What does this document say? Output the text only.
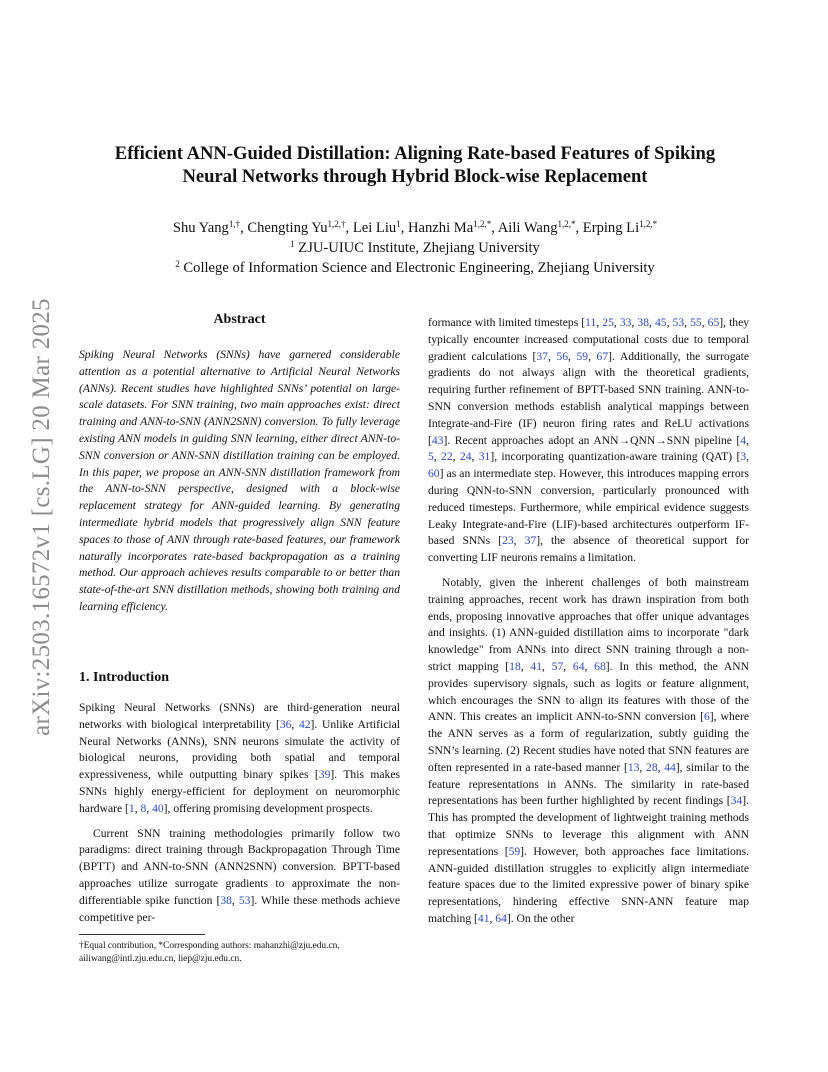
arXiv:2503.16572v1 [cs.LG] 20 Mar 2025
Efficient ANN-Guided Distillation: Aligning Rate-based Features of Spiking
Neural Networks through Hybrid Block-wise Replacement
Shu Yang$^{1,\dagger}$, Chengting $Yu^{1,2,\dagger}$, Lei Liu$^1$, Hanzhi $Ma^{1,2,*}$, Aili Wang$^{1,2,*}$, Erping $Li^{1,2,*}$
$^1$ ZJU-UIUC Institute, Zhejiang University
$^2$ College of Information Science and Electronic Engineering, Zhejiang University
Abstract
Spiking Neural Networks (SNNs) have garnered considerable attention as a potential alternative to Artificial Neural Networks (ANNs). Recent studies have highlighted SNNs’ potential on large-scale datasets. For SNN training, two main approaches exist: direct training and ANN-to-SNN (ANN2SNN) conversion. To fully leverage existing ANN models in guiding SNN learning, either direct ANN-to-SNN conversion or ANN-SNN distillation training can be employed. In this paper, we propose an ANN-SNN distillation framework from the ANN-to-SNN perspective, designed with a block-wise replacement strategy for ANN-guided learning. By generating intermediate hybrid models that progressively align SNN feature spaces to those of ANN through rate-based features, our framework naturally incorporates rate-based backpropagation as a training method. Our approach achieves results comparable to or better than state-of-the-art SNN distillation methods, showing both training and learning efficiency.
1. Introduction

Spiking Neural Networks (SNNs) are third-generation neural networks with biological interpretability [36, 42]. Unlike Artificial Neural Networks (ANNs), SNN neurons simulate the activity of biological neurons, providing both spatial and temporal expressiveness, while outputting binary spikes [39]. This makes SNNs highly energy-efficient for deployment on neuromorphic hardware [1, 8, 40], offering promising development prospects.

Current SNN training methodologies primarily follow two paradigms: direct training through Backpropagation Through Time (BPTT) and ANN-to-SNN (ANN2SNN) conversion. BPTT-based approaches utilize surrogate gradients to approximate the non-differentiable spike function [38, 53]. While these methods achieve competitive per-

formance with limited timesteps [11, 25, 33, 38, 45, 53, 55, 65], they typically encounter increased computational costs due to temporal gradient calculations [37, 56, 59, 67]. Additionally, the surrogate gradients do not always align with the theoretical gradients, requiring further refinement of BPTT-based SNN training. ANN-to-SNN conversion methods establish analytical mappings between Integrate-and-Fire (IF) neuron firing rates and ReLU activations [43]. Recent approaches adopt an ANN→QNN→SNN pipeline [4, 5, 22, 24, 31], incorporating quantization-aware training (QAT) [3, 60] as an intermediate step. However, this introduces mapping errors during QNN-to-SNN conversion, particularly pronounced with reduced timesteps. Furthermore, while empirical evidence suggests Leaky Integrate-and-Fire (LIF)-based architectures outperform IF-based SNNs [23, 37], the absence of theoretical support for converting LIF neurons remains a limitation.

Notably, given the inherent challenges of both mainstream training approaches, recent work has drawn inspiration from both ends, proposing innovative approaches that offer unique advantages and insights. (1) ANN-guided distillation aims to incorporate "dark knowledge" from ANNs into direct SNN training through a non-strict mapping [18, 41, 57, 64, 68]. In this method, the ANN provides supervisory signals, such as logits or feature alignment, which encourages the SNN to align its features with those of the ANN. This creates an implicit ANN-to-SNN conversion [6], where the ANN serves as a form of regularization, subtly guiding the SNN’s learning. (2) Recent studies have noted that SNN features are often represented in a rate-based manner [13, 28, 44], similar to the feature representations in ANNs. The similarity in rate-based representations has been further highlighted by recent findings [34]. This has prompted the development of lightweight training methods that optimize SNNs to leverage this alignment with ANN representations [59]. However, both approaches face limitations. ANN-guided distillation struggles to explicitly align intermediate feature spaces due to the limited expressive power of binary spike representations, hindering effective SNN-ANN feature map matching [41, 64]. On the other

†Equal contribution, *Corresponding authors: mahanzhi@zju.edu.cn, ailiwang@intl.zju.edu.cn, liep@zju.edu.cn.
